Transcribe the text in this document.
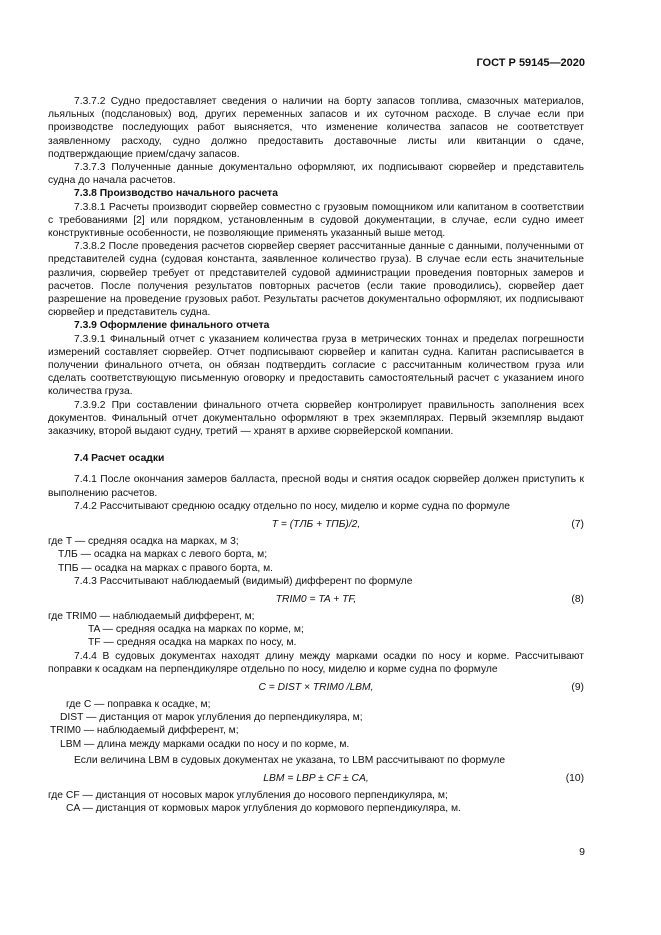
ГОСТ Р 59145—2020

7.3.7.2 Судно предоставляет сведения о наличии на борту запасов топлива, смазочных материалов, льяльных (подслановых) вод, других переменных запасов и их суточном расходе. В случае если при производстве последующих работ выясняется, что изменение количества запасов не соответствует заявленному расходу, судно должно предоставить доставочные листы или квитанции о сдаче, подтверждающие прием/сдачу запасов.

7.3.7.3 Полученные данные документально оформляют, их подписывают сюрвейер и представитель судна до начала расчетов.

7.3.8 Производство начального расчета

7.3.8.1 Расчеты производит сюрвейер совместно с грузовым помощником или капитаном в соответствии с требованиями [2] или порядком, установленным в судовой документации, в случае, если судно имеет конструктивные особенности, не позволяющие применять указанный выше метод.

7.3.8.2 После проведения расчетов сюрвейер сверяет рассчитанные данные с данными, полученными от представителей судна (судовая константа, заявленное количество груза). В случае если есть значительные различия, сюрвейер требует от представителей судовой администрации проведения повторных замеров и расчетов. После получения результатов повторных расчетов (если такие проводились), сюрвейер дает разрешение на проведение грузовых работ. Результаты расчетов документально оформляют, их подписывают сюрвейер и представитель судна.

7.3.9 Оформление финального отчета

7.3.9.1 Финальный отчет с указанием количества груза в метрических тоннах и пределах погрешности измерений составляет сюрвейер. Отчет подписывают сюрвейер и капитан судна. Капитан расписывается в получении финального отчета, он обязан подтвердить согласие с рассчитанным количеством груза или сделать соответствующую письменную оговорку и предоставить самостоятельный расчет с указанием иного количества груза.

7.3.9.2 При составлении финального отчета сюрвейер контролирует правильность заполнения всех документов. Финальный отчет документально оформляют в трех экземплярах. Первый экземпляр выдают заказчику, второй выдают судну, третий — хранят в архиве сюрвейерской компании.

7.4 Расчет осадки

7.4.1 После окончания замеров балласта, пресной воды и снятия осадок сюрвейер должен приступить к выполнению расчетов.

7.4.2 Рассчитывают среднюю осадку отдельно по носу, миделю и корме судна по формуле

T = (TЛБ + TПБ)/2,	(7)
где T — средняя осадка на марках, м 3;
TЛБ — осадка на марках с левого борта, м;
TПБ — осадка на марках с правого борта, м.

7.4.3 Рассчитывают наблюдаемый (видимый) дифферент по формуле

TRIM0 = TA + TF,	(8)
где TRIM0 — наблюдаемый дифферент, м;
TA — средняя осадка на марках по корме, м;
TF — средняя осадка на марках по носу, м.

7.4.4 В судовых документах находят длину между марками осадки по носу и корме. Рассчитывают поправки к осадкам на перпендикуляре отдельно по носу, миделю и корме судна по формуле

C = DIST × TRIM0 /LBM,	(9)
где C — поправка к осадке, м;
DIST — дистанция от марок углубления до перпендикуляра, м;
TRIM0 — наблюдаемый дифферент, м;
LBM — длина между марками осадки по носу и по корме, м.

Если величина LBM в судовых документах не указана, то LBM рассчитывают по формуле

LBM = LBP ± CF ± CA,	(10)
где CF — дистанция от носовых марок углубления до носового перпендикуляра, м;
CA — дистанция от кормовых марок углубления до кормового перпендикуляра, м.
9
